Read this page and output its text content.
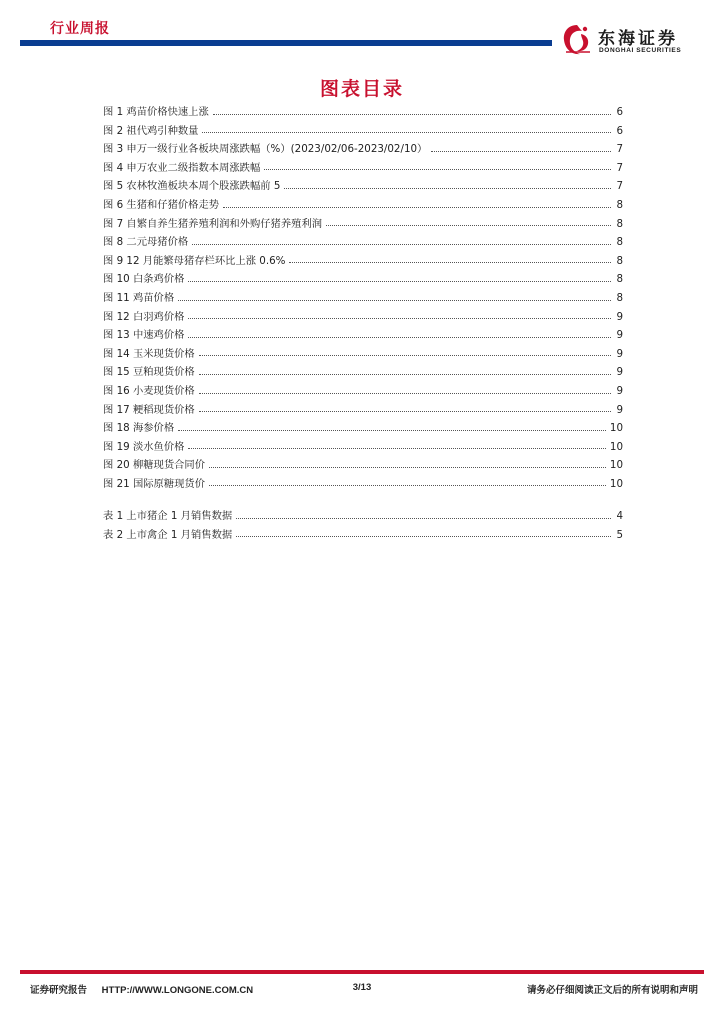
行业周报	东海证券
DONGHAI SECURITIES
图表目录
图 1 鸡苗价格快速上涨	6
图 2 祖代鸡引种数量	6
图 3 申万一级行业各板块周涨跌幅（%）(2023/02/06-2023/02/10）	7
图 4 申万农业二级指数本周涨跌幅	7
图 5 农林牧渔板块本周个股涨跌幅前 5	7
图 6 生猪和仔猪价格走势	8
图 7 自繁自养生猪养殖利润和外购仔猪养殖利润	8
图 8 二元母猪价格	8
图 9 12 月能繁母猪存栏环比上涨 0.6%	8
图 10 白条鸡价格	8
图 11 鸡苗价格	8
图 12 白羽鸡价格	9
图 13 中速鸡价格	9
图 14 玉米现货价格	9
图 15 豆粕现货价格	9
图 16 小麦现货价格	9
图 17 粳稻现货价格	9
图 18 海参价格	10
图 19 淡水鱼价格	10
图 20 柳糖现货合同价	10
图 21 国际原糖现货价	10
表 1 上市猪企 1 月销售数据	4
表 2 上市禽企 1 月销售数据	5
证券研究报告 HTTP://WWW.LONGONE.COM.CN	3/13	请务必仔细阅读正文后的所有说明和声明
